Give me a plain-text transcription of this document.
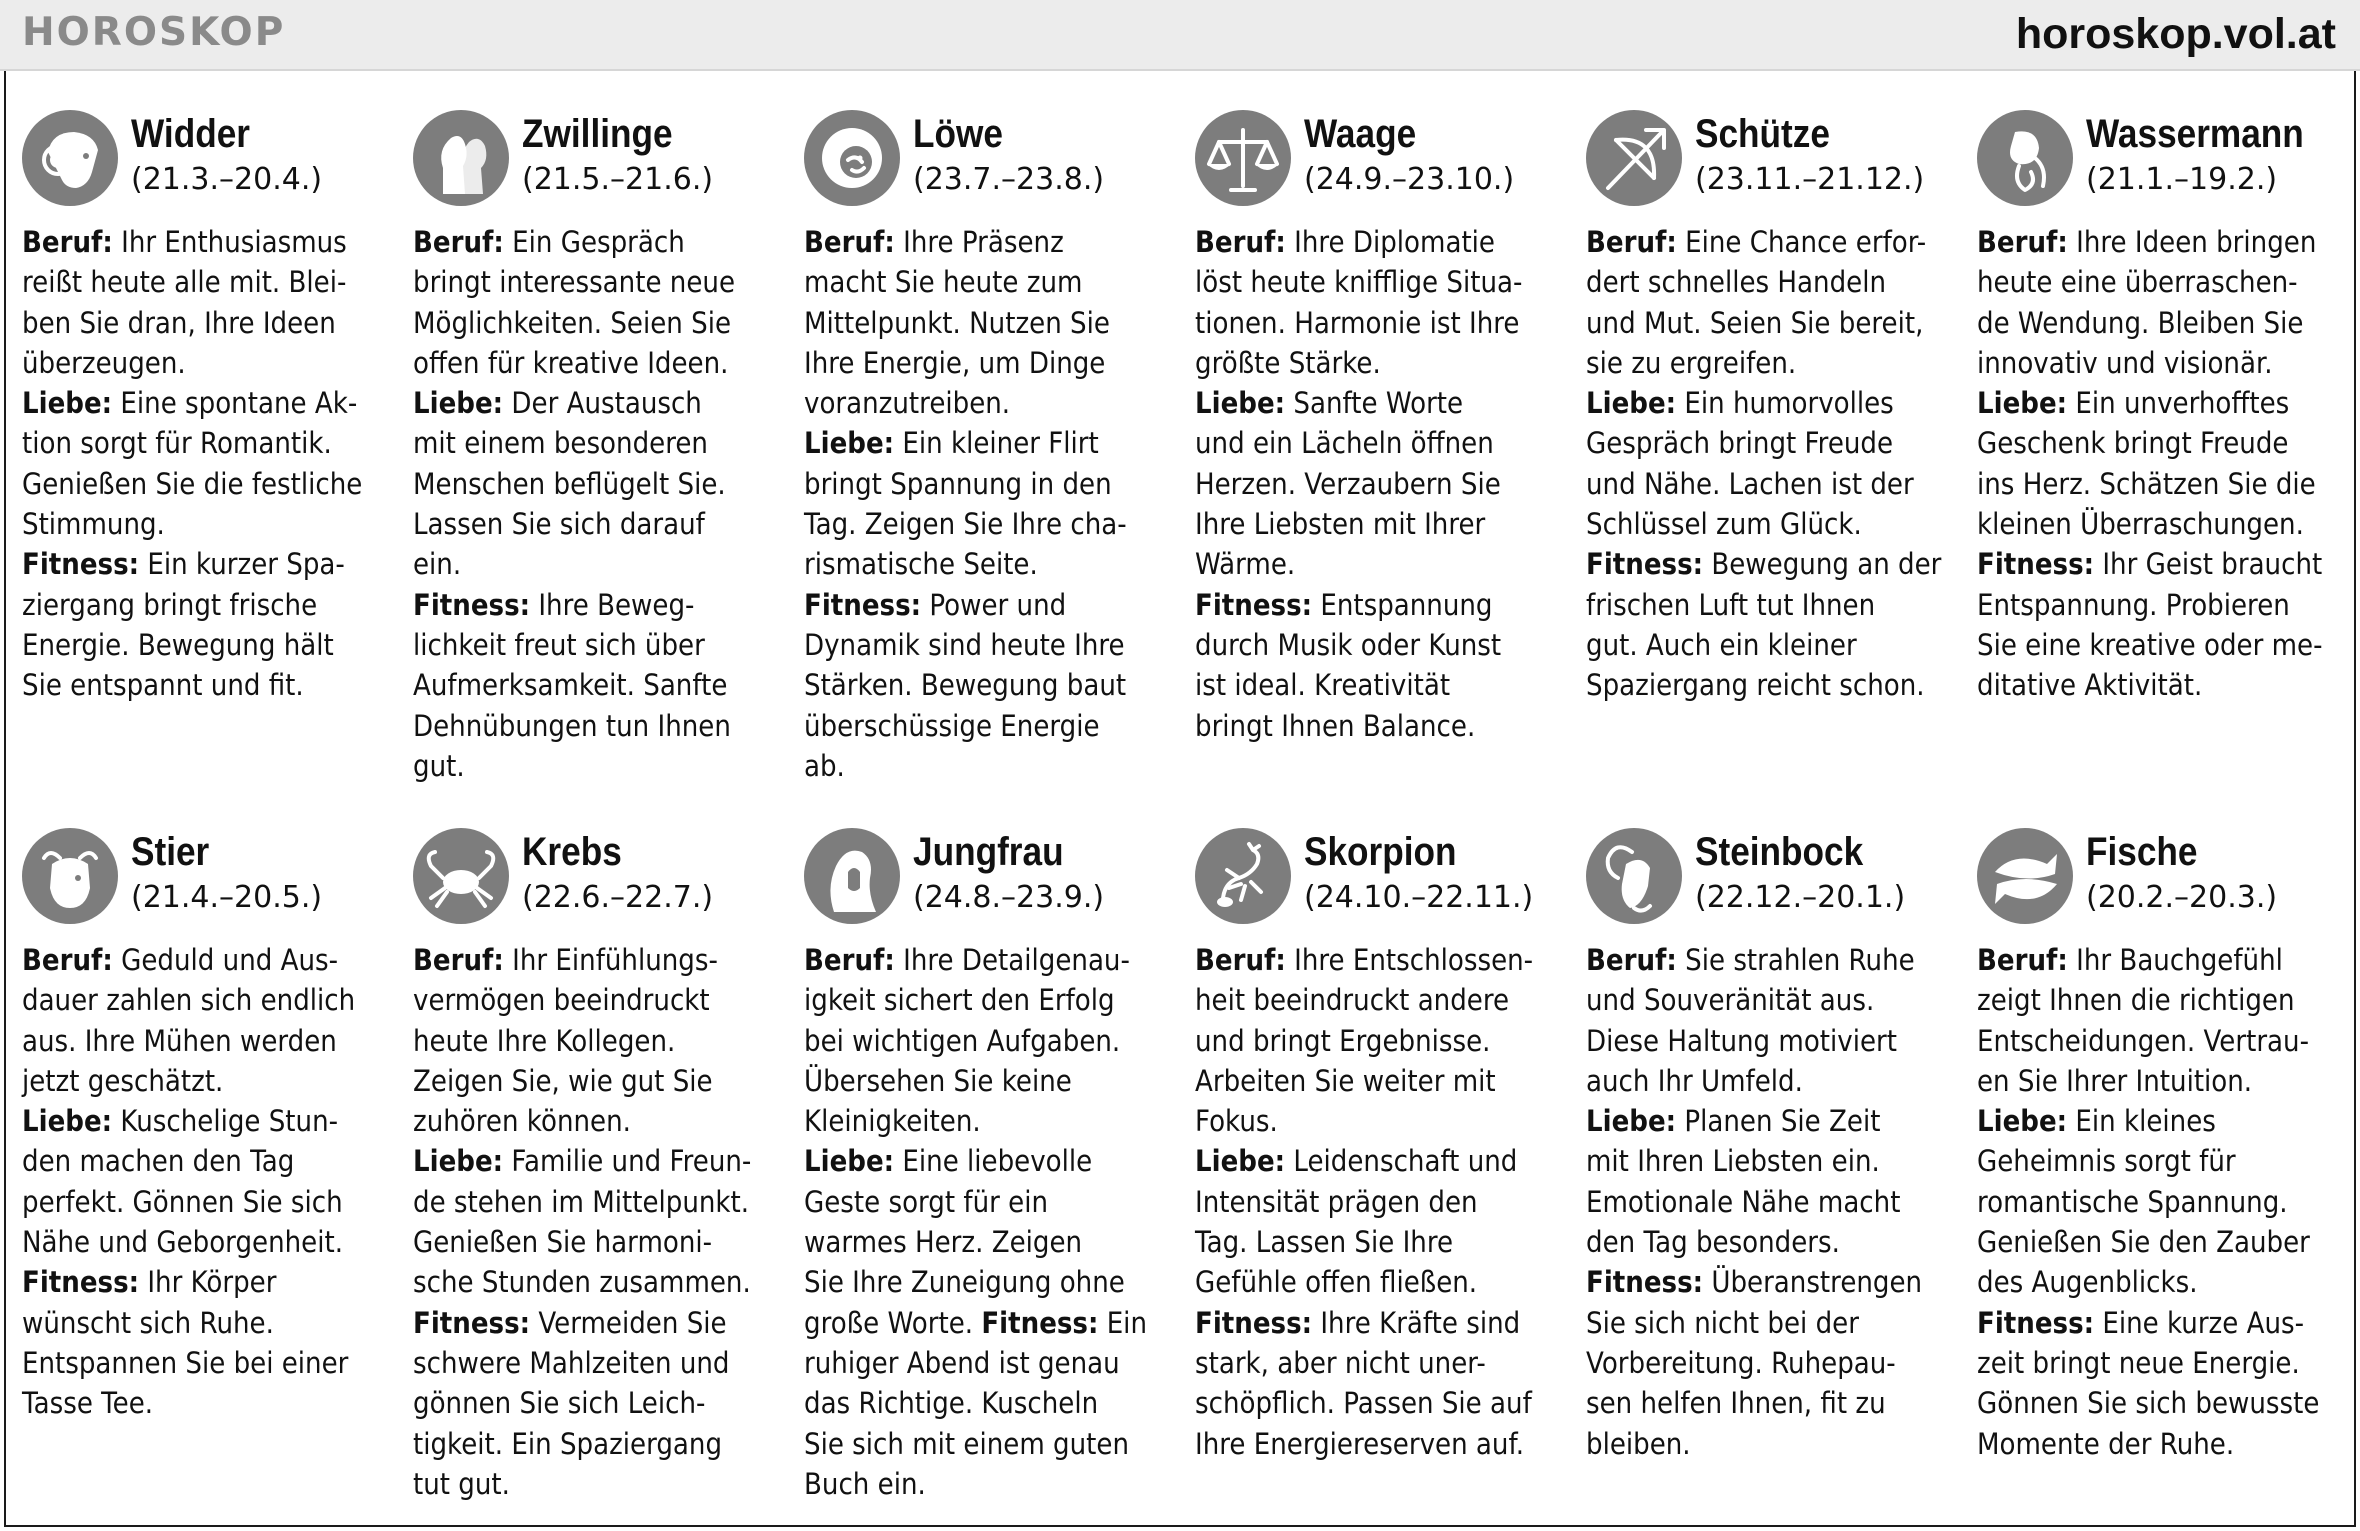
HOROSKOP	horoskop.vol.at
Widder
(21.3.–20.4.)
Beruf: Ihr Enthusiasmus
reißt heute alle mit. Blei-
ben Sie dran, Ihre Ideen
überzeugen.
Liebe: Eine spontane Ak-
tion sorgt für Romantik.
Genießen Sie die festliche
Stimmung.
Fitness: Ein kurzer Spa-
ziergang bringt frische
Energie. Bewegung hält
Sie entspannt und fit.
Zwillinge
(21.5.–21.6.)
Beruf: Ein Gespräch
bringt interessante neue
Möglichkeiten. Seien Sie
offen für kreative Ideen.
Liebe: Der Austausch
mit einem besonderen
Menschen beflügelt Sie.
Lassen Sie sich darauf
ein.
Fitness: Ihre Beweg-
lichkeit freut sich über
Aufmerksamkeit. Sanfte
Dehnübungen tun Ihnen
gut.
Löwe
(23.7.–23.8.)
Beruf: Ihre Präsenz
macht Sie heute zum
Mittelpunkt. Nutzen Sie
Ihre Energie, um Dinge
voranzutreiben.
Liebe: Ein kleiner Flirt
bringt Spannung in den
Tag. Zeigen Sie Ihre cha-
rismatische Seite.
Fitness: Power und
Dynamik sind heute Ihre
Stärken. Bewegung baut
überschüssige Energie
ab.
Waage
(24.9.–23.10.)
Beruf: Ihre Diplomatie
löst heute knifflige Situa-
tionen. Harmonie ist Ihre
größte Stärke.
Liebe: Sanfte Worte
und ein Lächeln öffnen
Herzen. Verzaubern Sie
Ihre Liebsten mit Ihrer
Wärme.
Fitness: Entspannung
durch Musik oder Kunst
ist ideal. Kreativität
bringt Ihnen Balance.
Schütze
(23.11.–21.12.)
Beruf: Eine Chance erfor-
dert schnelles Handeln
und Mut. Seien Sie bereit,
sie zu ergreifen.
Liebe: Ein humorvolles
Gespräch bringt Freude
und Nähe. Lachen ist der
Schlüssel zum Glück.
Fitness: Bewegung an der
frischen Luft tut Ihnen
gut. Auch ein kleiner
Spaziergang reicht schon.
Wassermann
(21.1.–19.2.)
Beruf: Ihre Ideen bringen
heute eine überraschen-
de Wendung. Bleiben Sie
innovativ und visionär.
Liebe: Ein unverhofftes
Geschenk bringt Freude
ins Herz. Schätzen Sie die
kleinen Überraschungen.
Fitness: Ihr Geist braucht
Entspannung. Probieren
Sie eine kreative oder me-
ditative Aktivität.
Stier
(21.4.–20.5.)
Beruf: Geduld und Aus-
dauer zahlen sich endlich
aus. Ihre Mühen werden
jetzt geschätzt.
Liebe: Kuschelige Stun-
den machen den Tag
perfekt. Gönnen Sie sich
Nähe und Geborgenheit.
Fitness: Ihr Körper
wünscht sich Ruhe.
Entspannen Sie bei einer
Tasse Tee.
Krebs
(22.6.–22.7.)
Beruf: Ihr Einfühlungs-
vermögen beeindruckt
heute Ihre Kollegen.
Zeigen Sie, wie gut Sie
zuhören können.
Liebe: Familie und Freun-
de stehen im Mittelpunkt.
Genießen Sie harmoni-
sche Stunden zusammen.
Fitness: Vermeiden Sie
schwere Mahlzeiten und
gönnen Sie sich Leich-
tigkeit. Ein Spaziergang
tut gut.
Jungfrau
(24.8.–23.9.)
Beruf: Ihre Detailgenau-
igkeit sichert den Erfolg
bei wichtigen Aufgaben.
Übersehen Sie keine
Kleinigkeiten.
Liebe: Eine liebevolle
Geste sorgt für ein
warmes Herz. Zeigen
Sie Ihre Zuneigung ohne
große Worte. Fitness: Ein
ruhiger Abend ist genau
das Richtige. Kuscheln
Sie sich mit einem guten
Buch ein.
Skorpion
(24.10.–22.11.)
Beruf: Ihre Entschlossen-
heit beeindruckt andere
und bringt Ergebnisse.
Arbeiten Sie weiter mit
Fokus.
Liebe: Leidenschaft und
Intensität prägen den
Tag. Lassen Sie Ihre
Gefühle offen fließen.
Fitness: Ihre Kräfte sind
stark, aber nicht uner-
schöpflich. Passen Sie auf
Ihre Energiereserven auf.
Steinbock
(22.12.–20.1.)
Beruf: Sie strahlen Ruhe
und Souveränität aus.
Diese Haltung motiviert
auch Ihr Umfeld.
Liebe: Planen Sie Zeit
mit Ihren Liebsten ein.
Emotionale Nähe macht
den Tag besonders.
Fitness: Überanstrengen
Sie sich nicht bei der
Vorbereitung. Ruhepau-
sen helfen Ihnen, fit zu
bleiben.
Fische
(20.2.–20.3.)
Beruf: Ihr Bauchgefühl
zeigt Ihnen die richtigen
Entscheidungen. Vertrau-
en Sie Ihrer Intuition.
Liebe: Ein kleines
Geheimnis sorgt für
romantische Spannung.
Genießen Sie den Zauber
des Augenblicks.
Fitness: Eine kurze Aus-
zeit bringt neue Energie.
Gönnen Sie sich bewusste
Momente der Ruhe.
